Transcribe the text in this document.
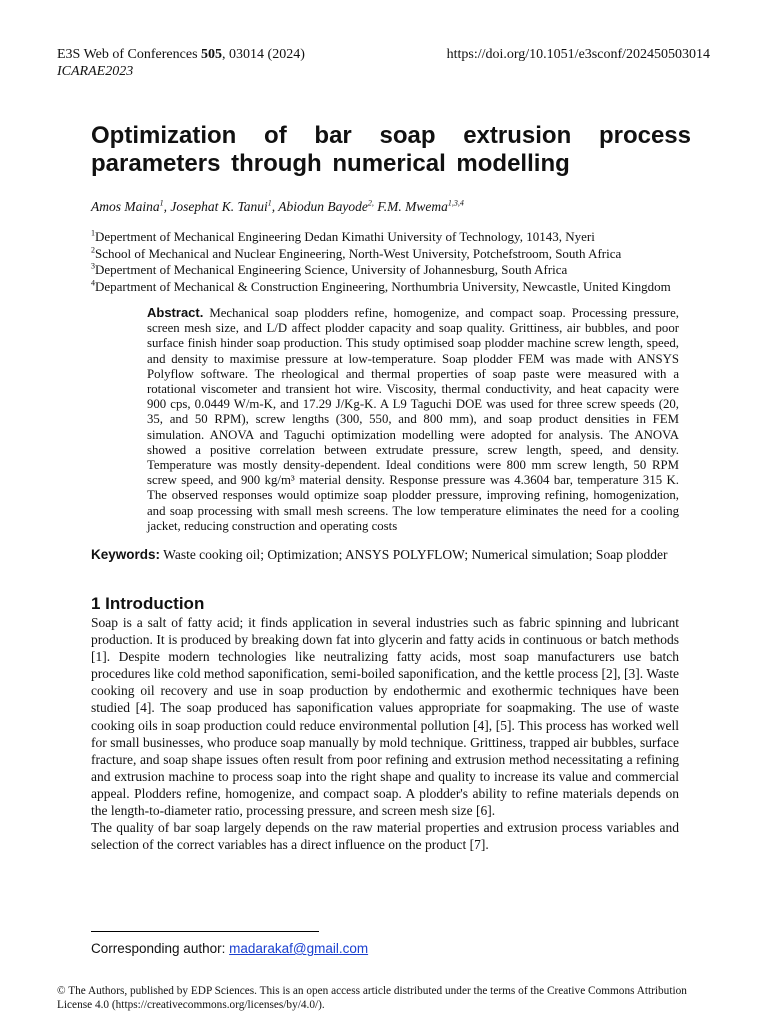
E3S Web of Conferences 505, 03014 (2024)
ICARAE2023
https://doi.org/10.1051/e3sconf/202450503014
Optimization of bar soap extrusion process parameters through numerical modelling
Amos Maina$^1$, Josephat K. Tanui$^1$, Abiodun Bayode$^{2,}$ F.M. Mwema$^{1,3,4}$
$^1$Depertment of Mechanical Engineering Dedan Kimathi University of Technology, 10143, Nyeri
$^2$School of Mechanical and Nuclear Engineering, North-West University, Potchefstroom, South Africa
$^3$Depertment of Mechanical Engineering Science, University of Johannesburg, South Africa
$^4$Department of Mechanical & Construction Engineering, Northumbria University, Newcastle, United Kingdom
Abstract. Mechanical soap plodders refine, homogenize, and compact soap. Processing pressure, screen mesh size, and L/D affect plodder capacity and soap quality. Grittiness, air bubbles, and poor surface finish hinder soap production. This study optimised soap plodder machine screw length, speed, and density to maximise pressure at low-temperature. Soap plodder FEM was made with ANSYS Polyflow software. The rheological and thermal properties of soap paste were measured with a rotational viscometer and transient hot wire. Viscosity, thermal conductivity, and heat capacity were 900 cps, 0.0449 W/m-K, and 17.29 J/Kg-K. A L9 Taguchi DOE was used for three screw speeds (20, 35, and 50 RPM), screw lengths (300, 550, and 800 mm), and soap product densities in FEM simulation. ANOVA and Taguchi optimization modelling were adopted for analysis. The ANOVA showed a positive correlation between extrudate pressure, screw length, speed, and density. Temperature was mostly density-dependent. Ideal conditions were 800 mm screw length, 50 RPM screw speed, and 900 kg/m³ material density. Response pressure was 4.3604 bar, temperature 315 K. The observed responses would optimize soap plodder pressure, improving refining, homogenization, and soap processing with small mesh screens. The low temperature eliminates the need for a cooling jacket, reducing construction and operating costs
Keywords: Waste cooking oil; Optimization; ANSYS POLYFLOW; Numerical simulation; Soap plodder
1 Introduction

Soap is a salt of fatty acid; it finds application in several industries such as fabric spinning and lubricant production. It is produced by breaking down fat into glycerin and fatty acids in continuous or batch methods [1]. Despite modern technologies like neutralizing fatty acids, most soap manufacturers use batch procedures like cold method saponification, semi-boiled saponification, and the kettle process [2], [3]. Waste cooking oil recovery and use in soap production by endothermic and exothermic techniques have been studied [4]. The soap produced has saponification values appropriate for soapmaking. The use of waste cooking oils in soap production could reduce environmental pollution [4], [5]. This process has worked well for small businesses, who produce soap manually by mold technique. Grittiness, trapped air bubbles, surface fracture, and soap shape issues often result from poor refining and extrusion method necessitating a refining and extrusion machine to process soap into the right shape and quality to increase its value and commercial appeal. Plodders refine, homogenize, and compact soap. A plodder's ability to refine materials depends on the length-to-diameter ratio, processing pressure, and screen mesh size [6].

The quality of bar soap largely depends on the raw material properties and extrusion process variables and selection of the correct variables has a direct influence on the product [7].

Corresponding author: madarakaf@gmail.com
© The Authors, published by EDP Sciences. This is an open access article distributed under the terms of the Creative Commons Attribution License 4.0 (https://creativecommons.org/licenses/by/4.0/).
